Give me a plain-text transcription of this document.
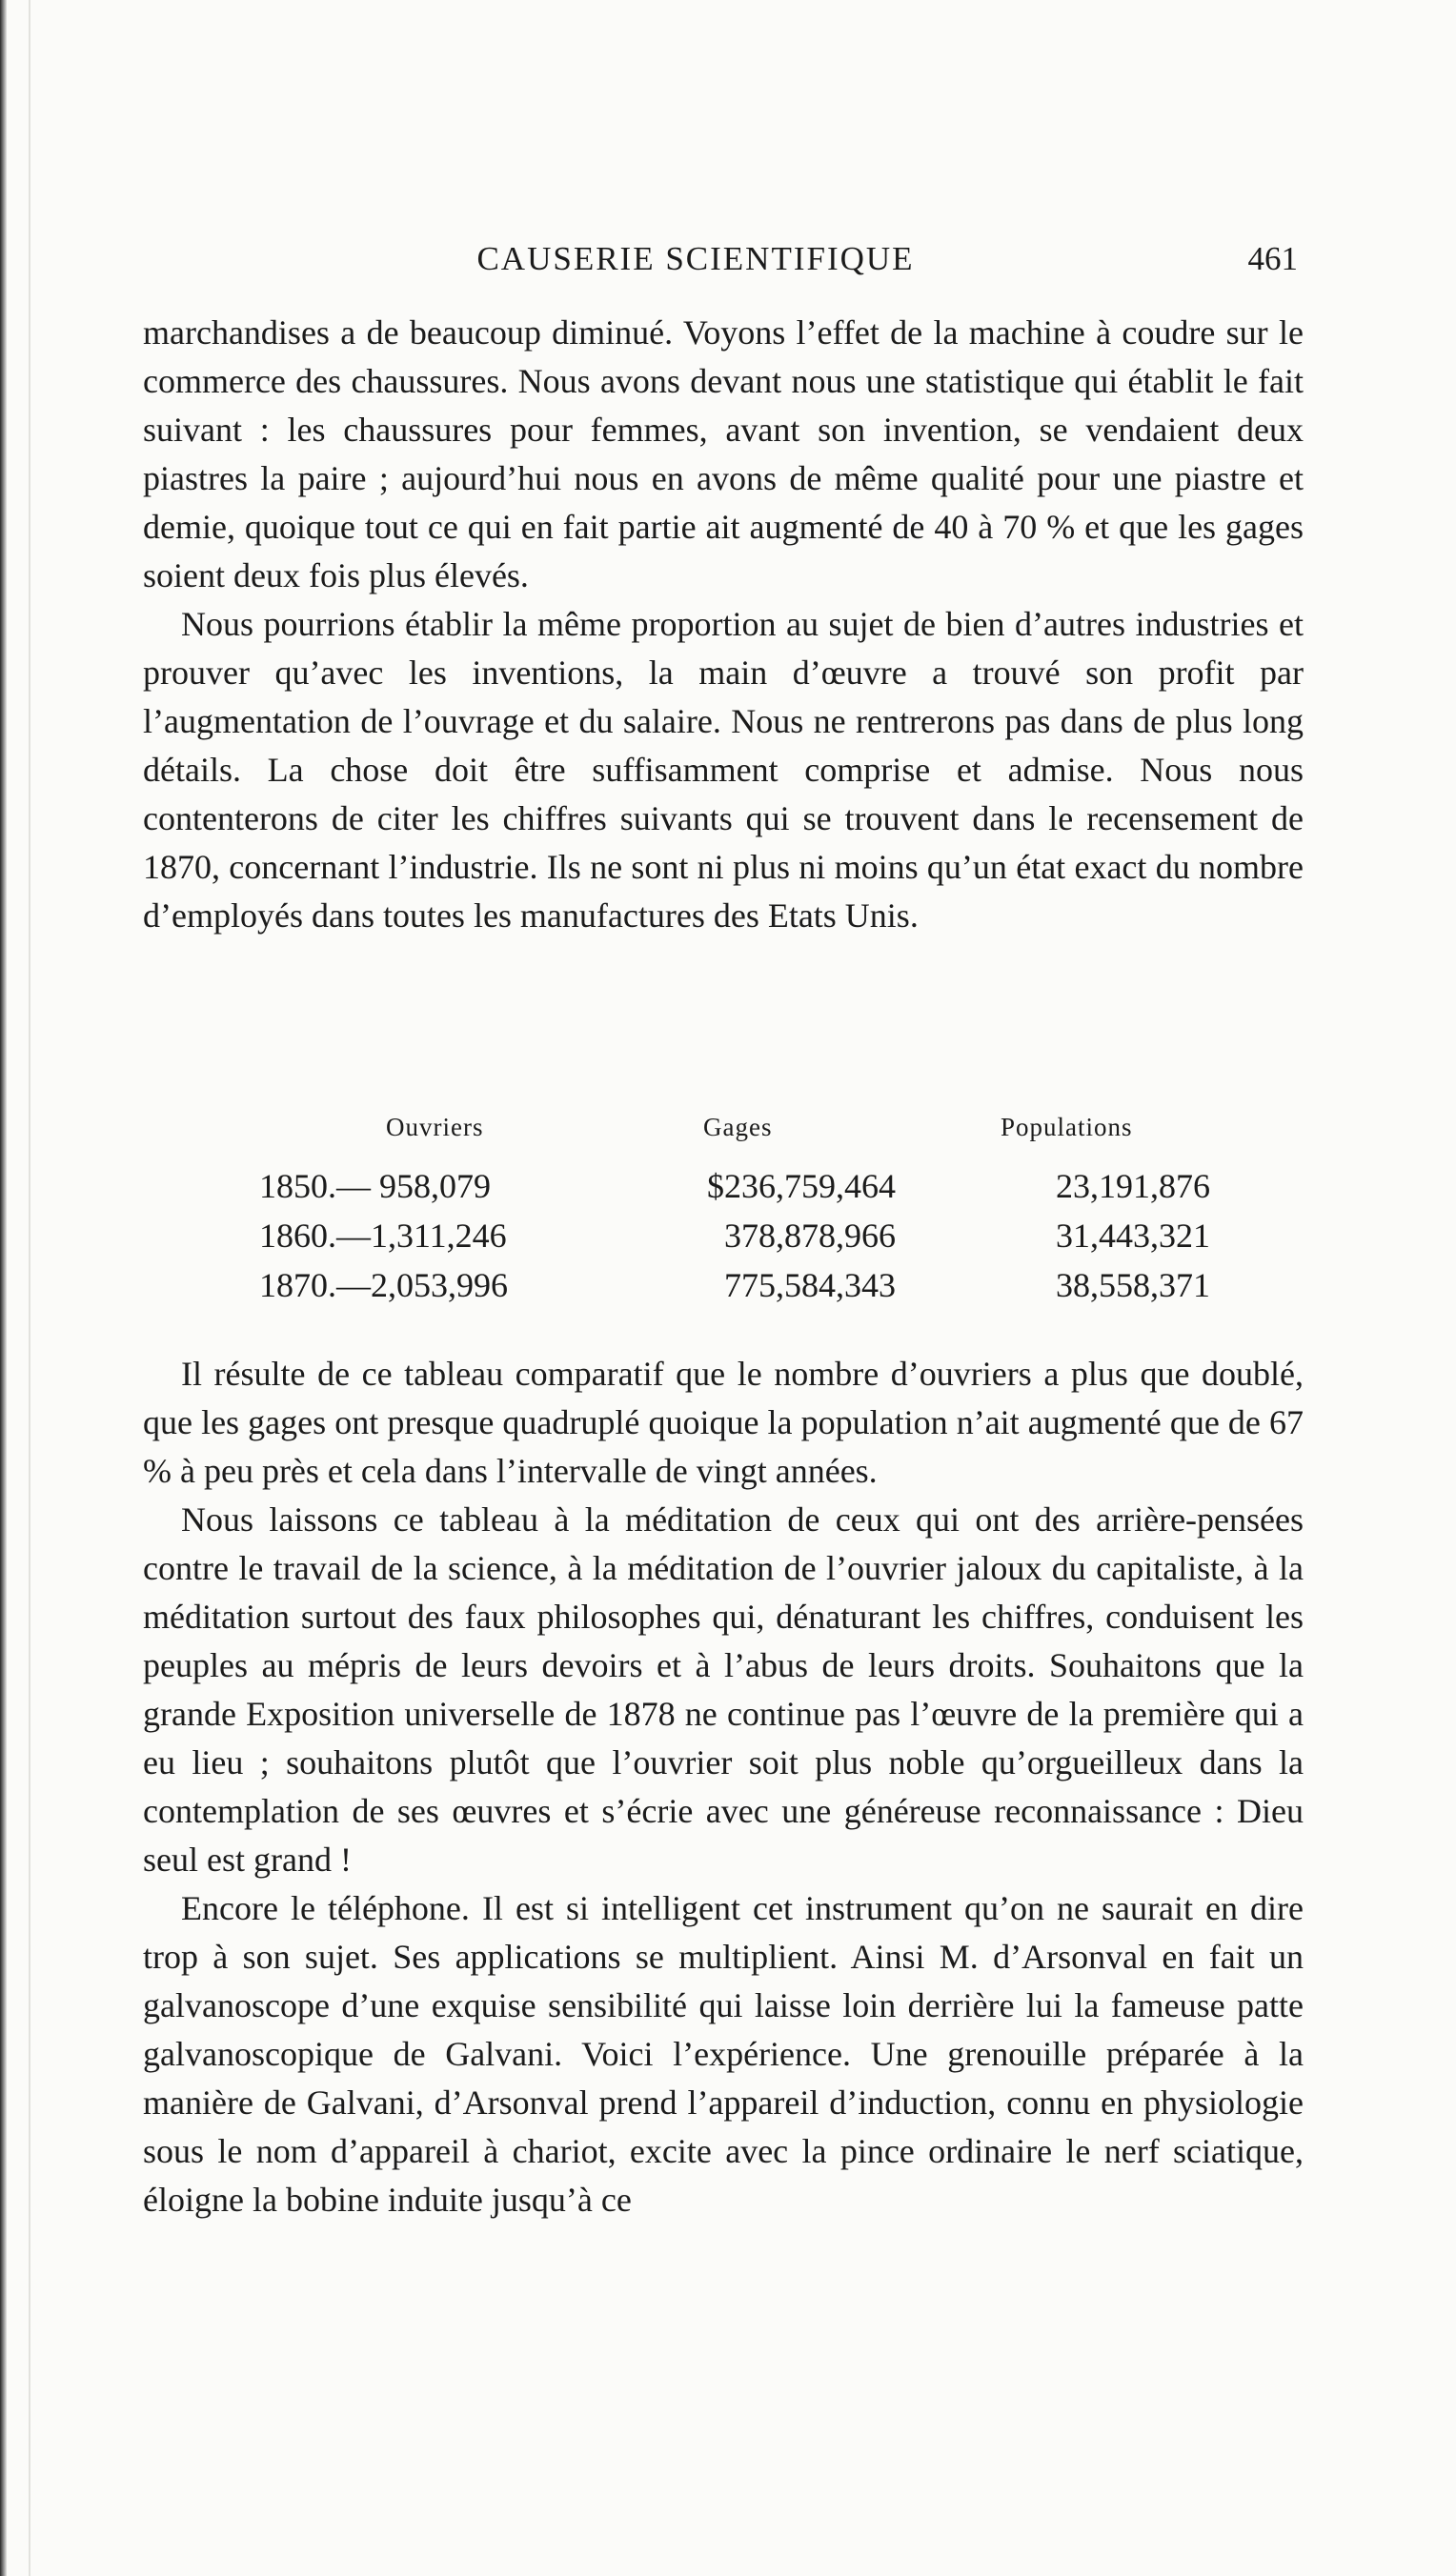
CAUSERIE SCIENTIFIQUE	461

marchandises a de beaucoup diminué. Voyons l’effet de la machine à coudre sur le commerce des chaussures. Nous avons devant nous une statistique qui établit le fait suivant : les chaussures pour femmes, avant son invention, se vendaient deux piastres la paire ; aujourd’hui nous en avons de même qualité pour une piastre et demie, quoique tout ce qui en fait partie ait augmenté de 40 à 70 % et que les gages soient deux fois plus élevés.

Nous pourrions établir la même proportion au sujet de bien d’autres industries et prouver qu’avec les inventions, la main d’œuvre a trouvé son profit par l’augmentation de l’ouvrage et du salaire. Nous ne rentrerons pas dans de plus long détails. La chose doit être suffisamment comprise et admise. Nous nous contenterons de citer les chiffres suivants qui se trouvent dans le recensement de 1870, concernant l’industrie. Ils ne sont ni plus ni moins qu’un état exact du nombre d’employés dans toutes les manufactures des Etats Unis.

Ouvriers	Gages	Populations
1850.— 958,079	$236,759,464	23,191,876
1860.—1,311,246	378,878,966	31,443,321
1870.—2,053,996	775,584,343	38,558,371

Il résulte de ce tableau comparatif que le nombre d’ouvriers a plus que doublé, que les gages ont presque quadruplé quoique la population n’ait augmenté que de 67 % à peu près et cela dans l’intervalle de vingt années.

Nous laissons ce tableau à la méditation de ceux qui ont des arrière-pensées contre le travail de la science, à la méditation de l’ouvrier jaloux du capitaliste, à la méditation surtout des faux philosophes qui, dénaturant les chiffres, conduisent les peuples au mépris de leurs devoirs et à l’abus de leurs droits. Souhaitons que la grande Exposition universelle de 1878 ne continue pas l’œuvre de la première qui a eu lieu ; souhaitons plutôt que l’ouvrier soit plus noble qu’orgueilleux dans la contemplation de ses œuvres et s’écrie avec une généreuse reconnaissance : Dieu seul est grand !

Encore le téléphone. Il est si intelligent cet instrument qu’on ne saurait en dire trop à son sujet. Ses applications se multiplient. Ainsi M. d’Arsonval en fait un galvanoscope d’une exquise sensibilité qui laisse loin derrière lui la fameuse patte galvanoscopique de Galvani. Voici l’expérience. Une grenouille préparée à la manière de Galvani, d’Arsonval prend l’appareil d’induction, connu en physiologie sous le nom d’appareil à chariot, excite avec la pince ordinaire le nerf sciatique, éloigne la bobine induite jusqu’à ce
